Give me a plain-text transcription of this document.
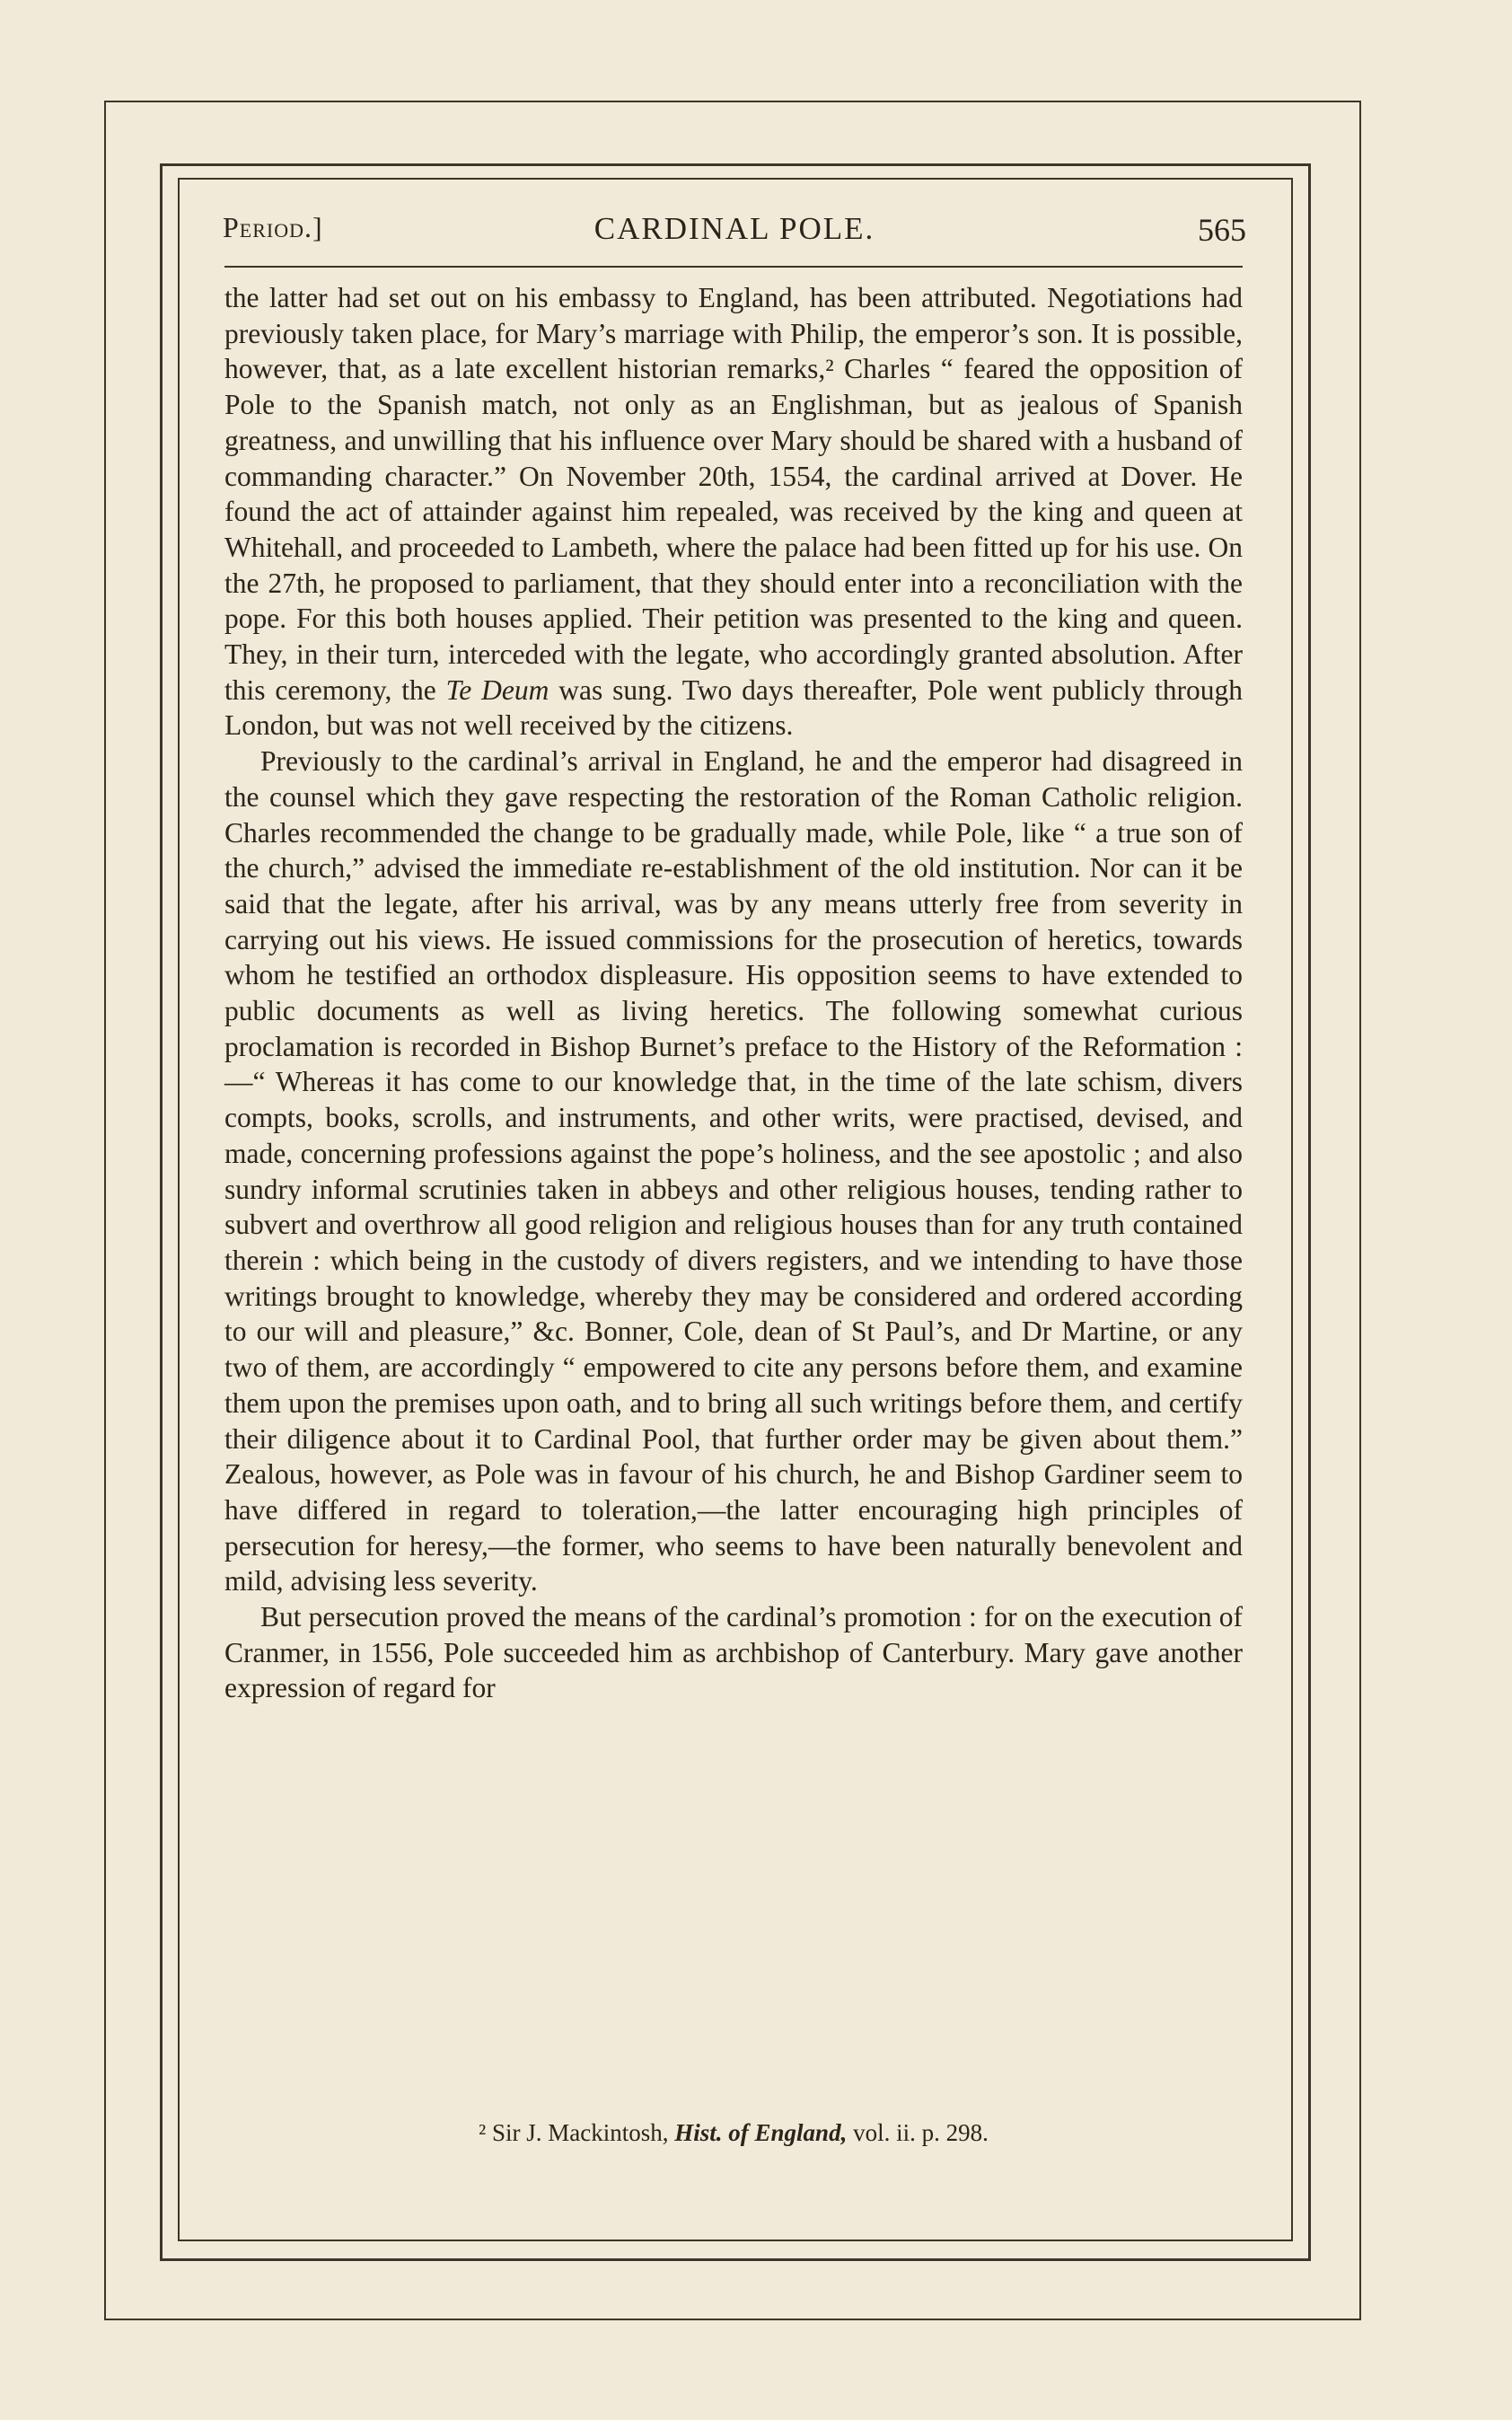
Period.]	CARDINAL POLE.	565

the latter had set out on his embassy to England, has been attributed. Negotiations had previously taken place, for Mary’s marriage with Philip, the emperor’s son. It is possible, however, that, as a late excellent historian remarks,² Charles “ feared the opposition of Pole to the Spanish match, not only as an Englishman, but as jealous of Spanish greatness, and unwilling that his influence over Mary should be shared with a husband of commanding character.” On November 20th, 1554, the cardinal arrived at Dover. He found the act of attainder against him repealed, was received by the king and queen at Whitehall, and proceeded to Lambeth, where the palace had been fitted up for his use. On the 27th, he proposed to parliament, that they should enter into a reconciliation with the pope. For this both houses applied. Their petition was presented to the king and queen. They, in their turn, interceded with the legate, who accordingly granted absolution. After this ceremony, the Te Deum was sung. Two days thereafter, Pole went publicly through London, but was not well received by the citizens.

Previously to the cardinal’s arrival in England, he and the emperor had disagreed in the counsel which they gave respecting the restoration of the Roman Catholic religion. Charles recommended the change to be gradually made, while Pole, like “ a true son of the church,” advised the immediate re-establishment of the old institution. Nor can it be said that the legate, after his arrival, was by any means utterly free from severity in carrying out his views. He issued commissions for the prosecution of heretics, towards whom he testified an orthodox displeasure. His opposition seems to have extended to public documents as well as living heretics. The following somewhat curious proclamation is recorded in Bishop Burnet’s preface to the History of the Reformation :—“ Whereas it has come to our knowledge that, in the time of the late schism, divers compts, books, scrolls, and instruments, and other writs, were practised, devised, and made, concerning professions against the pope’s holiness, and the see apostolic ; and also sundry informal scrutinies taken in abbeys and other religious houses, tending rather to subvert and overthrow all good religion and religious houses than for any truth contained therein : which being in the custody of divers registers, and we intending to have those writings brought to knowledge, whereby they may be considered and ordered according to our will and pleasure,” &c. Bonner, Cole, dean of St Paul’s, and Dr Martine, or any two of them, are accordingly “ empowered to cite any persons before them, and examine them upon the premises upon oath, and to bring all such writings before them, and certify their diligence about it to Cardinal Pool, that further order may be given about them.” Zealous, however, as Pole was in favour of his church, he and Bishop Gardiner seem to have differed in regard to toleration,—the latter encouraging high principles of persecution for heresy,—the former, who seems to have been naturally benevolent and mild, advising less severity.

But persecution proved the means of the cardinal’s promotion : for on the execution of Cranmer, in 1556, Pole succeeded him as archbishop of Canterbury. Mary gave another expression of regard for

² Sir J. Mackintosh, Hist. of England, vol. ii. p. 298.
